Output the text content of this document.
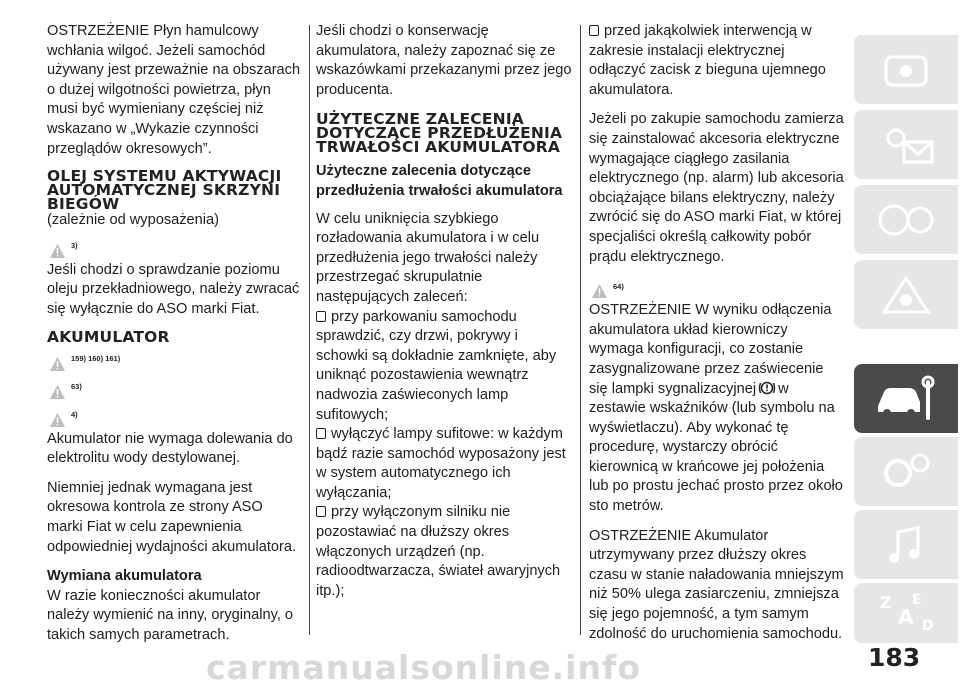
OSTRZEŻENIE Płyn hamulcowy wchłania wilgoć. Jeżeli samochód używany jest przeważnie na obszarach o dużej wilgotności powietrza, płyn musi być wymieniany częściej niż wskazano w „Wykazie czynności przeglądów okresowych”.

OLEJ SYSTEMU AKTYWACJI AUTOMATYCZNEJ SKRZYNI BIEGÓW

(zależnie od wyposażenia)

3)

Jeśli chodzi o sprawdzanie poziomu oleju przekładniowego, należy zwracać się wyłącznie do ASO marki Fiat.

AKUMULATOR
159) 160) 161)
63)
4)

Akumulator nie wymaga dolewania do elektrolitu wody destylowanej.

Niemniej jednak wymagana jest okresowa kontrola ze strony ASO marki Fiat w celu zapewnienia odpowiedniej wydajności akumulatora.

Wymiana akumulatora

W razie konieczności akumulator należy wymienić na inny, oryginalny, o takich samych parametrach.

Jeśli chodzi o konserwację akumulatora, należy zapoznać się ze wskazówkami przekazanymi przez jego producenta.

UŻYTECZNE ZALECENIA DOTYCZĄCE PRZEDŁUŻENIA TRWAŁOŚCI AKUMULATORA
Użyteczne zalecenia dotyczące przedłużenia trwałości akumulatora

W celu uniknięcia szybkiego rozładowania akumulatora i w celu przedłużenia jego trwałości należy przestrzegać skrupulatnie następujących zaleceń:

przy parkowaniu samochodu sprawdzić, czy drzwi, pokrywy i schowki są dokładnie zamknięte, aby uniknąć pozostawienia wewnątrz nadwozia zaświeconych lamp sufitowych;

wyłączyć lampy sufitowe: w każdym bądź razie samochód wyposażony jest w system automatycznego ich wyłączania;

przy wyłączonym silniku nie pozostawiać na dłuższy okres włączonych urządzeń (np. radioodtwarzacza, świateł awaryjnych itp.);

przed jakąkolwiek interwencją w zakresie instalacji elektrycznej odłączyć zacisk z bieguna ujemnego akumulatora.

Jeżeli po zakupie samochodu zamierza się zainstalować akcesoria elektryczne wymagające ciągłego zasilania elektrycznego (np. alarm) lub akcesoria obciążające bilans elektryczny, należy zwrócić się do ASO marki Fiat, w której specjaliści określą całkowity pobór prądu elektrycznego.

64)

OSTRZEŻENIE W wyniku odłączenia akumulatora układ kierowniczy wymaga konfiguracji, co zostanie zasygnalizowane przez zaświecenie się lampki sygnalizacyjnej w zestawie wskaźników (lub symbolu na wyświetlaczu). Aby wykonać tę procedurę, wystarczy obrócić kierownicą w krańcowe jej położenia lub po prostu jechać prosto przez około sto metrów.

OSTRZEŻENIE Akumulator utrzymywany przez dłuższy okres czasu w stanie naładowania mniejszym niż 50% ulega zasiarczeniu, zmniejsza się jego pojemność, a tym samym zdolność do uruchomienia samochodu.

Z E
A D
183
carmanualsonline.info
